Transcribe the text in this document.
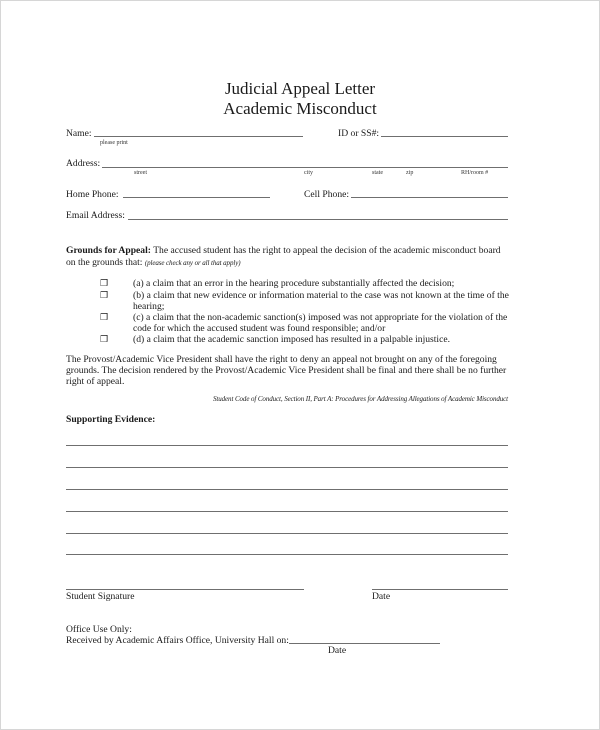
Judicial Appeal Letter
Academic Misconduct
Name:
please print
ID or SS#:
Address:
street	city	state	zip	RH/room #
Home Phone:	Cell Phone:
Email Address:
Grounds for Appeal: The accused student has the right to appeal the decision of the academic misconduct board
on the grounds that: (please check any or all that apply)
❒	(a) a claim that an error in the hearing procedure substantially affected the decision;
❒	(b) a claim that new evidence or information material to the case was not known at the time of the
hearing;
❒	(c) a claim that the non-academic sanction(s) imposed was not appropriate for the violation of the
code for which the accused student was found responsible; and/or
❒	(d) a claim that the academic sanction imposed has resulted in a palpable injustice.
The Provost/Academic Vice President shall have the right to deny an appeal not brought on any of the foregoing
grounds. The decision rendered by the Provost/Academic Vice President shall be final and there shall be no further
right of appeal.
Student Code of Conduct, Section II, Part A: Procedures for Addressing Allegations of Academic Misconduct
Supporting Evidence:
Student Signature	Date
Office Use Only:
Received by Academic Affairs Office, University Hall on:
Date
